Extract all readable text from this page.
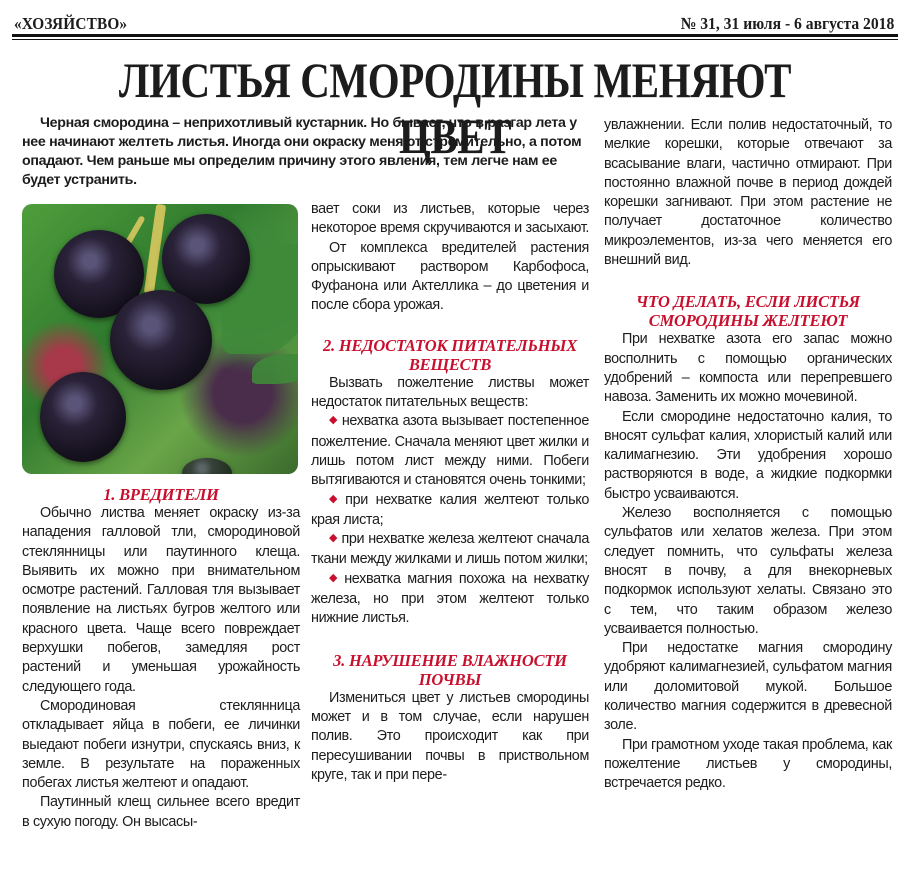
«ХОЗЯЙСТВО»	№ 31, 31 июля - 6 августа 2018
ЛИСТЬЯ СМОРОДИНЫ МЕНЯЮТ ЦВЕТ

Черная смородина – неприхотливый кустарник. Но бывает, что в разгар лета у нее начинают желтеть листья. Иногда они окраску меняют стремительно, а потом опадают. Чем раньше мы определим причину этого явления, тем легче нам ее будет устранить.

1. ВРЕДИТЕЛИ

Обычно листва меняет окраску из-за нападения галловой тли, смородиновой стеклянницы или паутинного клеща. Выявить их можно при внимательном осмотре растений. Галловая тля вызывает появление на листьях бугров желтого или красного цвета. Чаще всего повреждает верхушки побегов, замедляя рост растений и уменьшая урожайность следующего года.

Смородиновая стеклянница откладывает яйца в побеги, ее личинки выедают побеги изнутри, спускаясь вниз, к земле. В результате на пораженных побегах листья желтеют и опадают.

Паутинный клещ сильнее всего вредит в сухую погоду. Он высасы-

вает соки из листьев, которые через некоторое время скручиваются и засыхают.

От комплекса вредителей растения опрыскивают раствором Карбофоса, Фуфанона или Актеллика – до цветения и после сбора урожая.

2. НЕДОСТАТОК ПИТАТЕЛЬНЫХ ВЕЩЕСТВ

Вызвать пожелтение листвы может недостаток питательных веществ:

◆ нехватка азота вызывает постепенное пожелтение. Сначала меняют цвет жилки и лишь потом лист между ними. Побеги вытягиваются и становятся очень тонкими;

◆ при нехватке калия желтеют только края листа;

◆ при нехватке железа желтеют сначала ткани между жилками и лишь потом жилки;

◆ нехватка магния похожа на нехватку железа, но при этом желтеют только нижние листья.

3. НАРУШЕНИЕ ВЛАЖНОСТИ ПОЧВЫ

Измениться цвет у листьев смородины может и в том случае, если нарушен полив. Это происходит как при пересушивании почвы в приствольном круге, так и при пере-

увлажнении. Если полив недостаточный, то мелкие корешки, которые отвечают за всасывание влаги, частично отмирают. При постоянно влажной почве в период дождей корешки загнивают. При этом растение не получает достаточное количество микроэлементов, из-за чего меняется его внешний вид.

ЧТО ДЕЛАТЬ, ЕСЛИ ЛИСТЬЯ СМОРОДИНЫ ЖЕЛТЕЮТ

При нехватке азота его запас можно восполнить с помощью органических удобрений – компоста или перепревшего навоза. Заменить их можно мочевиной.

Если смородине недостаточно калия, то вносят сульфат калия, хлористый калий или калимагнезию. Эти удобрения хорошо растворяются в воде, а жидкие подкормки быстро усваиваются.

Железо восполняется с помощью сульфатов или хелатов железа. При этом следует помнить, что сульфаты железа вносят в почву, а для внекорневых подкормок используют хелаты. Связано это с тем, что таким образом железо усваивается полностью.

При недостатке магния смородину удобряют калимагнезией, сульфатом магния или доломитовой мукой. Большое количество магния содержится в древесной золе.

При грамотном уходе такая проблема, как пожелтение листьев у смородины, встречается редко.
